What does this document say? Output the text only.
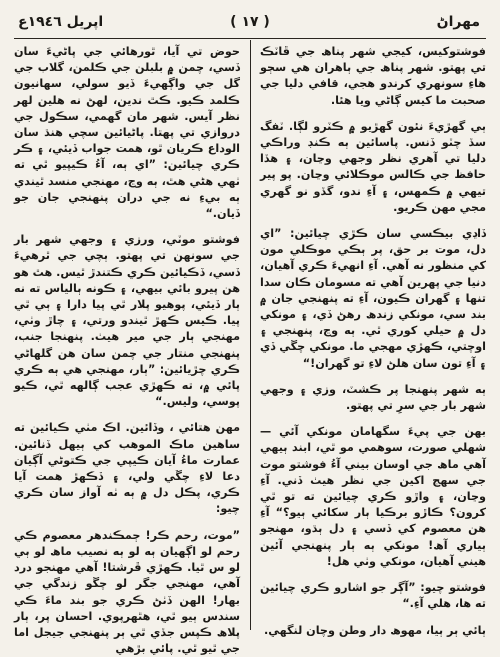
مهراڻ
( ١٧ )
اپريل ١٩٤٦ع

فوشتوکيس، کيجي شهر پناھ جي ڦاٽڪ تي پهتو. شهر پناھ جي ٻاهران ھي سڄو ھاءِ سونهري کرندو ھجي، قافي دليا جي صحبت ما کيس ڳاڻي ويا هئا.

ٻي گهڙيءَ نئون گهڙيو ۾ ڪٽرو لڳا. ٽفگ سڏ چٽو ڏنس. پاسائين ٻه ڪنڊ وراڪي دليا تي آهري نظر وجهي وڃان، ۽ هڏا حافظ جي ڪالس موڪلائي وڃان. پو پير تيهي ۾ ڪمهس، ۽ آءِ ندو، گڏو نو گهري مجي مهن ڪريو.

ڏاڍي بيڪسي سان ڪڙي چيائين: ”اي دل، موت بر حق، پر ٻڪي موڪلي مون کي منظور نه آهي. آءِ انهيءَ ڪري آهيان، دنيا جي پهرين آهي ته مسومان ڪان سدا تنها ۽ گهران ڪيون، آءِ ته پنهنجي جان ۾ بند سي، مونکي زندھ رهڻ ڏي، ۽ مونکي دل ۾ حيلي کوري ٿي. ٻه وڃ، پنهنجي ۽ اوچتي، ڪهڙي مهجي ما. مونکي چڱي ڏي ۽ آءِ تون سان هلڻ لاءِ تو گهران!“

ٻه شهر پنهنجا پر ڪشٽ، وزي ۽ وجهي شهر بار جي سرِ تي پهتو.

بهن جي پيءَ سگهامان مونکي آئي — شهلي صورت، سوهمي مو ٿي، ابند ٻيهي آهي ماھ جي اوسان بيني آءُ فوشتو موت جي سهج اکين جي نظر هيٺ ڏني. آءِ وڃان، ۽ واڙو ڪري چيائين ته تو ٿي کرون؟ ڪاڙو برڪيا ٻار سکائي ٻيو؟“ آءِ هن معصوم کي ڏسي ۽ دل ٻڌو، مهنجو ٻياري آھ! مونکي ٻه ٻار پنهنجي آئين هيني آهيان، مونکي وٺي هل!

فوشتو چيو: ”آڳر جو اشارو ڪري چيائين ته ها، هلي آءِ.“

ٻائي ٻر ٻيا، مهوھ دار وطن وچان لنگهي.

حوض تي آيا، ٿورهائي جي پاڻيءَ سان ڏسي، چمن ۾ بلبلن جي ڪلمن، گلاب جي گل جي واڳهيءَ ڏيو سولي، سهانيون ڪلمد ڪيو. ڪٿ ندين، لهڻ نه هلين لهر نظر آيس. شهر مان گهمي، سڪول جي دروازي تي پهتا. پاڻيائين سچي هنڌ سان الوداع ڪريان ٿو، همت جواب ڏيئي، ۽ ڪر ڪري چيائين: ”اي ٻه، آءُ ڪيپيو ٿي ته ٺهي هڻي هٿ، ٻه وڃ، مهنجي منسد ٿيندي ٻه بيءِ نه جي دران پنهنجي جان جو ڏيان.“

فوشتو موٽي، ورزي ۽ وجهي شهر بار جي سونهن تي پهتو. ٻچي جي ٿرهيءَ ڏسي، ڏڪيائين ڪري ڪتندڙ ٿيس. هٿ هو هن پيرو بائي بيهي، ۽ ڪونه ٻالياس ته نه ٻار ڏيئي، پوهيو پلار ٿي پيا دارا ۽ ٻي ٿي پيا. ڪيس ڪهڙ ٿيندو ورتي، ۽ چاڙ وٺي، مهنجي ٻار جي مير هيٺ. پنهنجا جنب، پنهنجي منتار جي چمن سان هن گلهاڻي ڪري چڙيائين: ”ٻار، مهنجي هي ٻه ڪري پائي ۾، ته ڪهڙي عجب ڳالهه ٿي، ڪيو پوسي، وليس.“

مهن هتائي ، وڏائين. اڪ مٺي ڪيائين ته ساهين ماڪ الموهب کي ٻيهل ڏنائين. عمارت ماءُ آيان ڪيپي جي ڪتوڻي آڳيان دعا لاءِ چڱي ولي، ۽ ڏڪهڙ همت آيا ڪري، پڪل دل ۾ ٻه ٺه آواز سان ڪري چيو:

”موت، رحم ڪر! ڄمڪندهر معصوم ڪي رحم لو اڳهيان ٻه لو ٻه نصيب ماھ لو ٻي لو س ٿيا. ڪهڙي ڦرشتا! آهي مهنجو درد آهي، مهنجي جگر لو چڱو زندگي جي بهار! الهن ڏٺڻ ڪري جو بند ماءَ ڪي سندس ٻيو ٿي، هٿهرپوي. احسان پر، ٻار پلاھ ڪپس جڏي ٿي ٻر پنهنجي جيجل اما جي ٿيو ٿي. پائي بڙهي
